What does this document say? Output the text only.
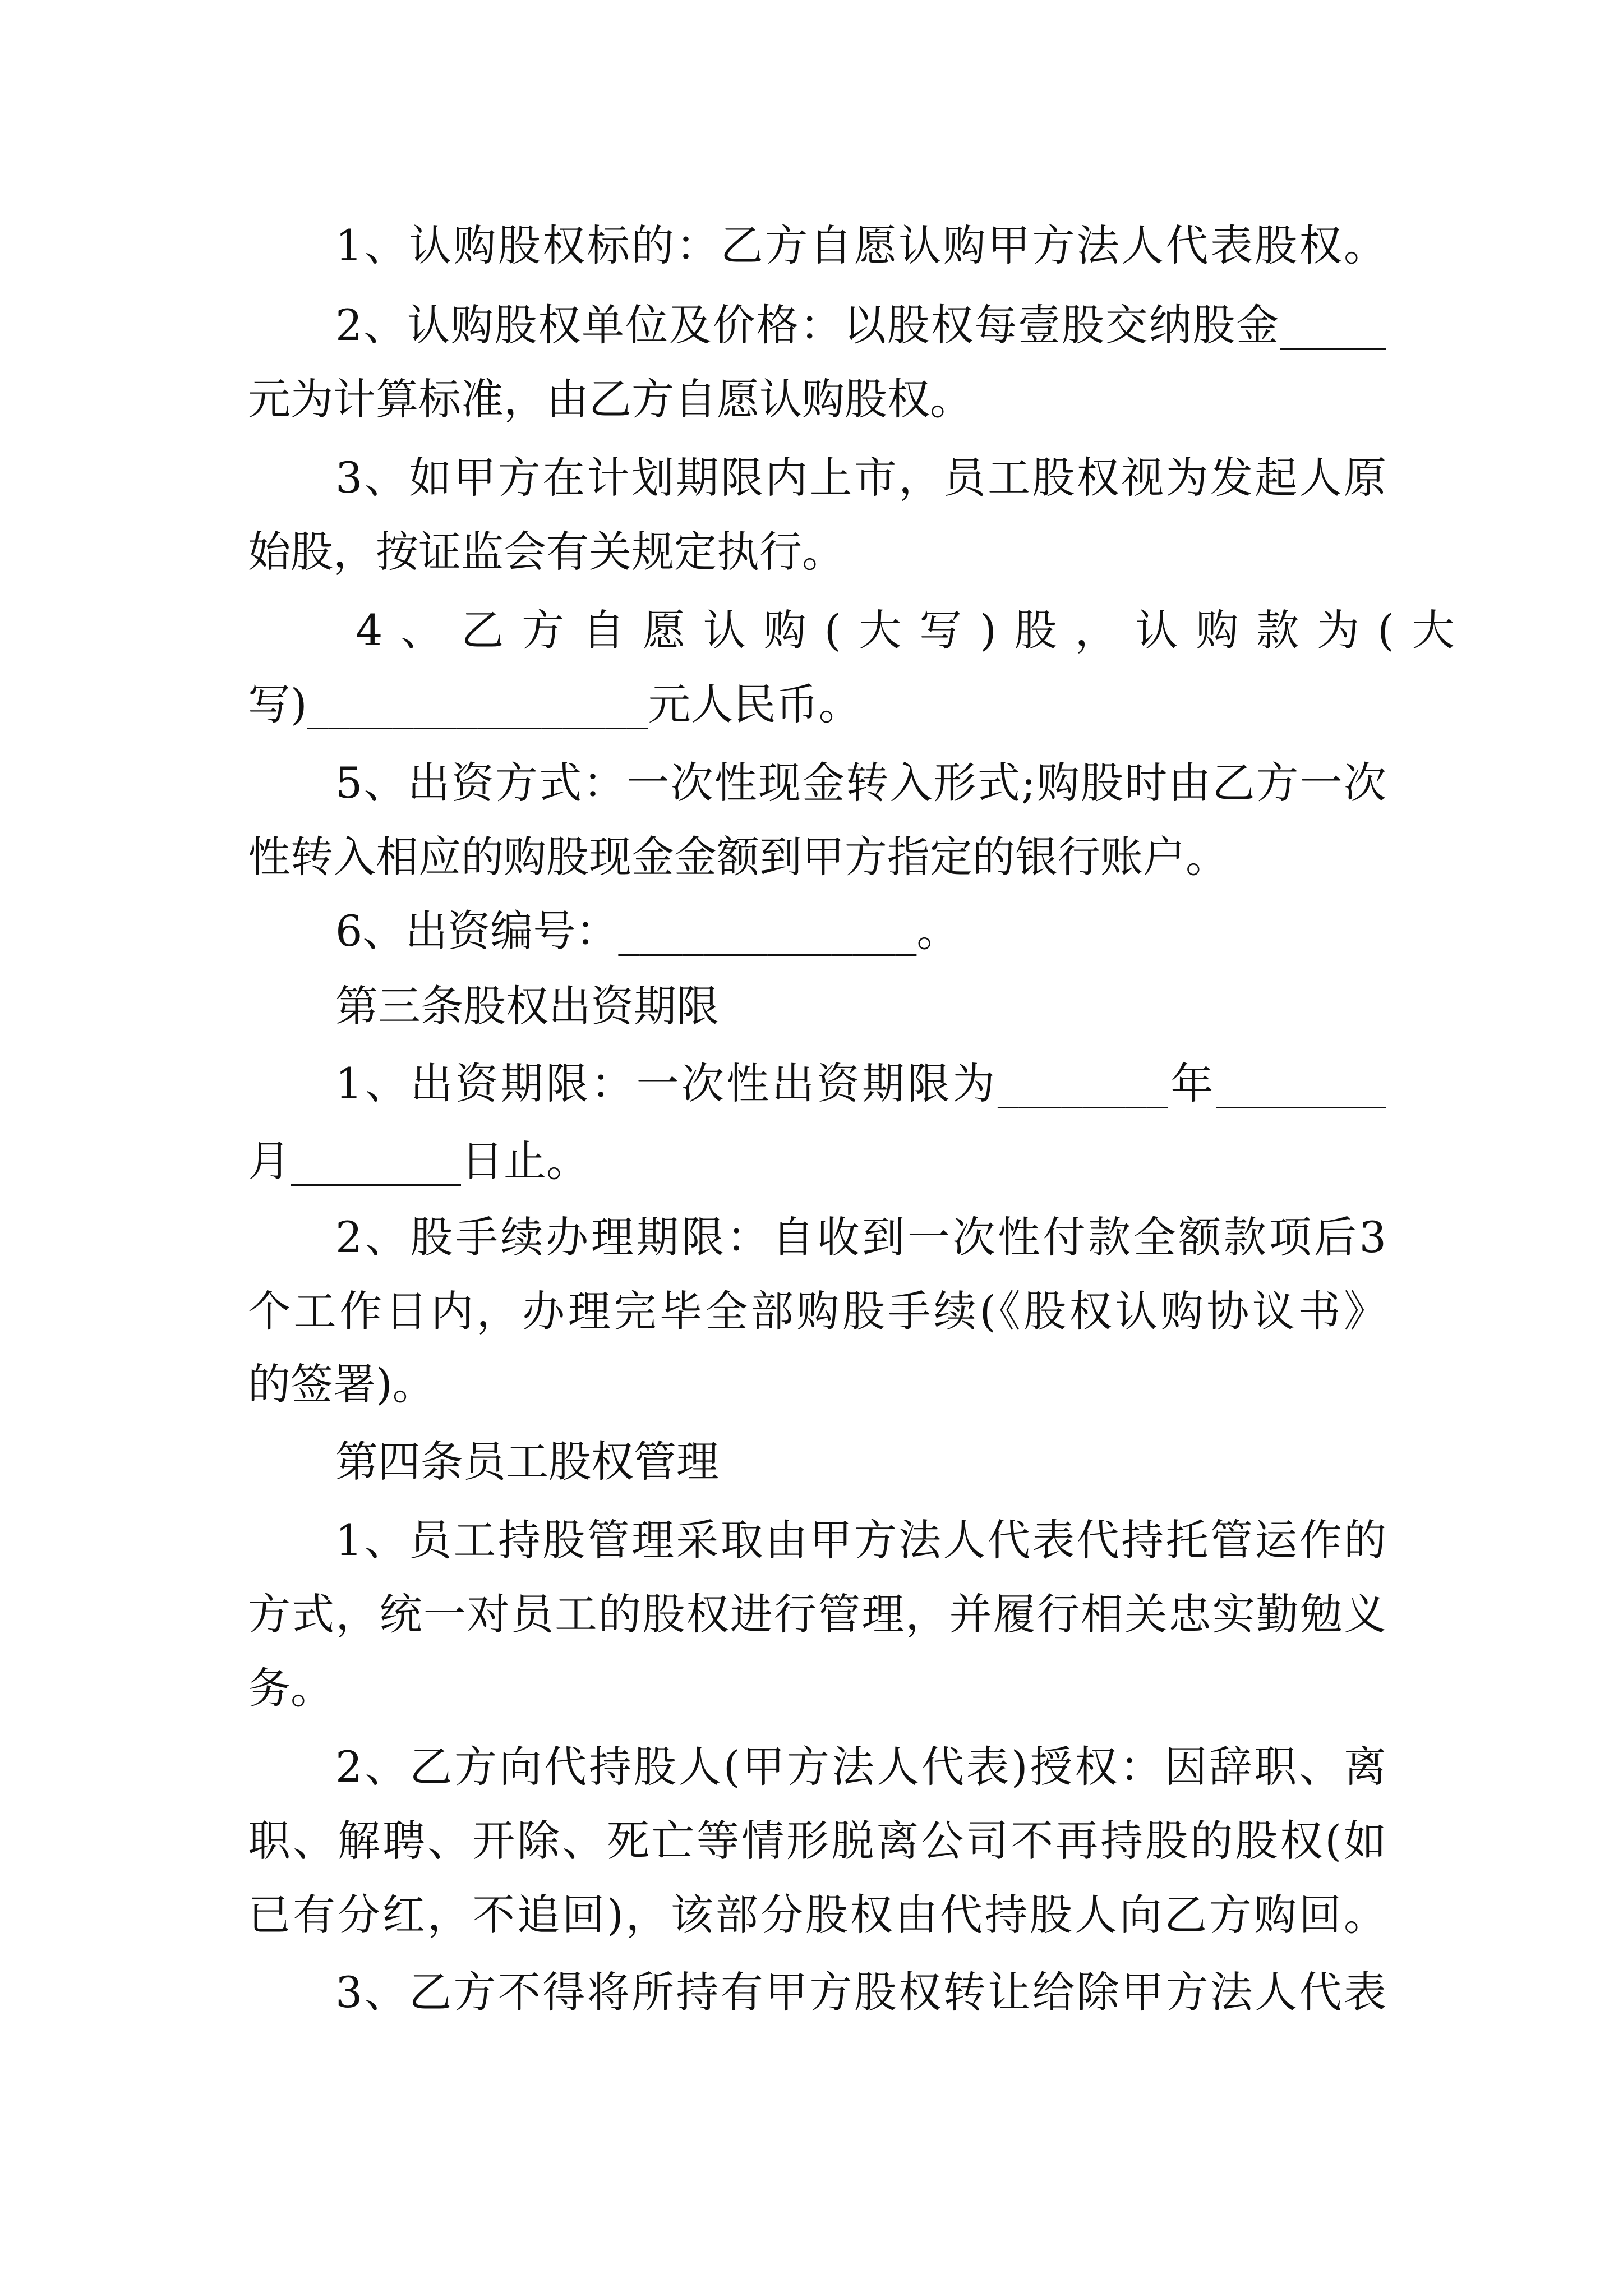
1、认购股权标的：乙方自愿认购甲方法人代表股权。

2、认购股权单位及价格：以股权每壹股交纳股金_____

元为计算标准，由乙方自愿认购股权。

3、如甲方在计划期限内上市，员工股权视为发起人原

始股，按证监会有关规定执行。

4、乙方自愿认购(大写)股，认购款为(大

写)________________元人民币。

5、出资方式：一次性现金转入形式;购股时由乙方一次

性转入相应的购股现金金额到甲方指定的银行账户。

6、出资编号：______________。

第三条股权出资期限

1、出资期限：一次性出资期限为________年________

月________日止。

2、股手续办理期限：自收到一次性付款全额款项后3

个工作日内，办理完毕全部购股手续(《股权认购协议书》

的签署)。

第四条员工股权管理

1、员工持股管理采取由甲方法人代表代持托管运作的

方式，统一对员工的股权进行管理，并履行相关忠实勤勉义

务。

2、乙方向代持股人(甲方法人代表)授权：因辞职、离

职、解聘、开除、死亡等情形脱离公司不再持股的股权(如

已有分红，不追回)，该部分股权由代持股人向乙方购回。

3、乙方不得将所持有甲方股权转让给除甲方法人代表
